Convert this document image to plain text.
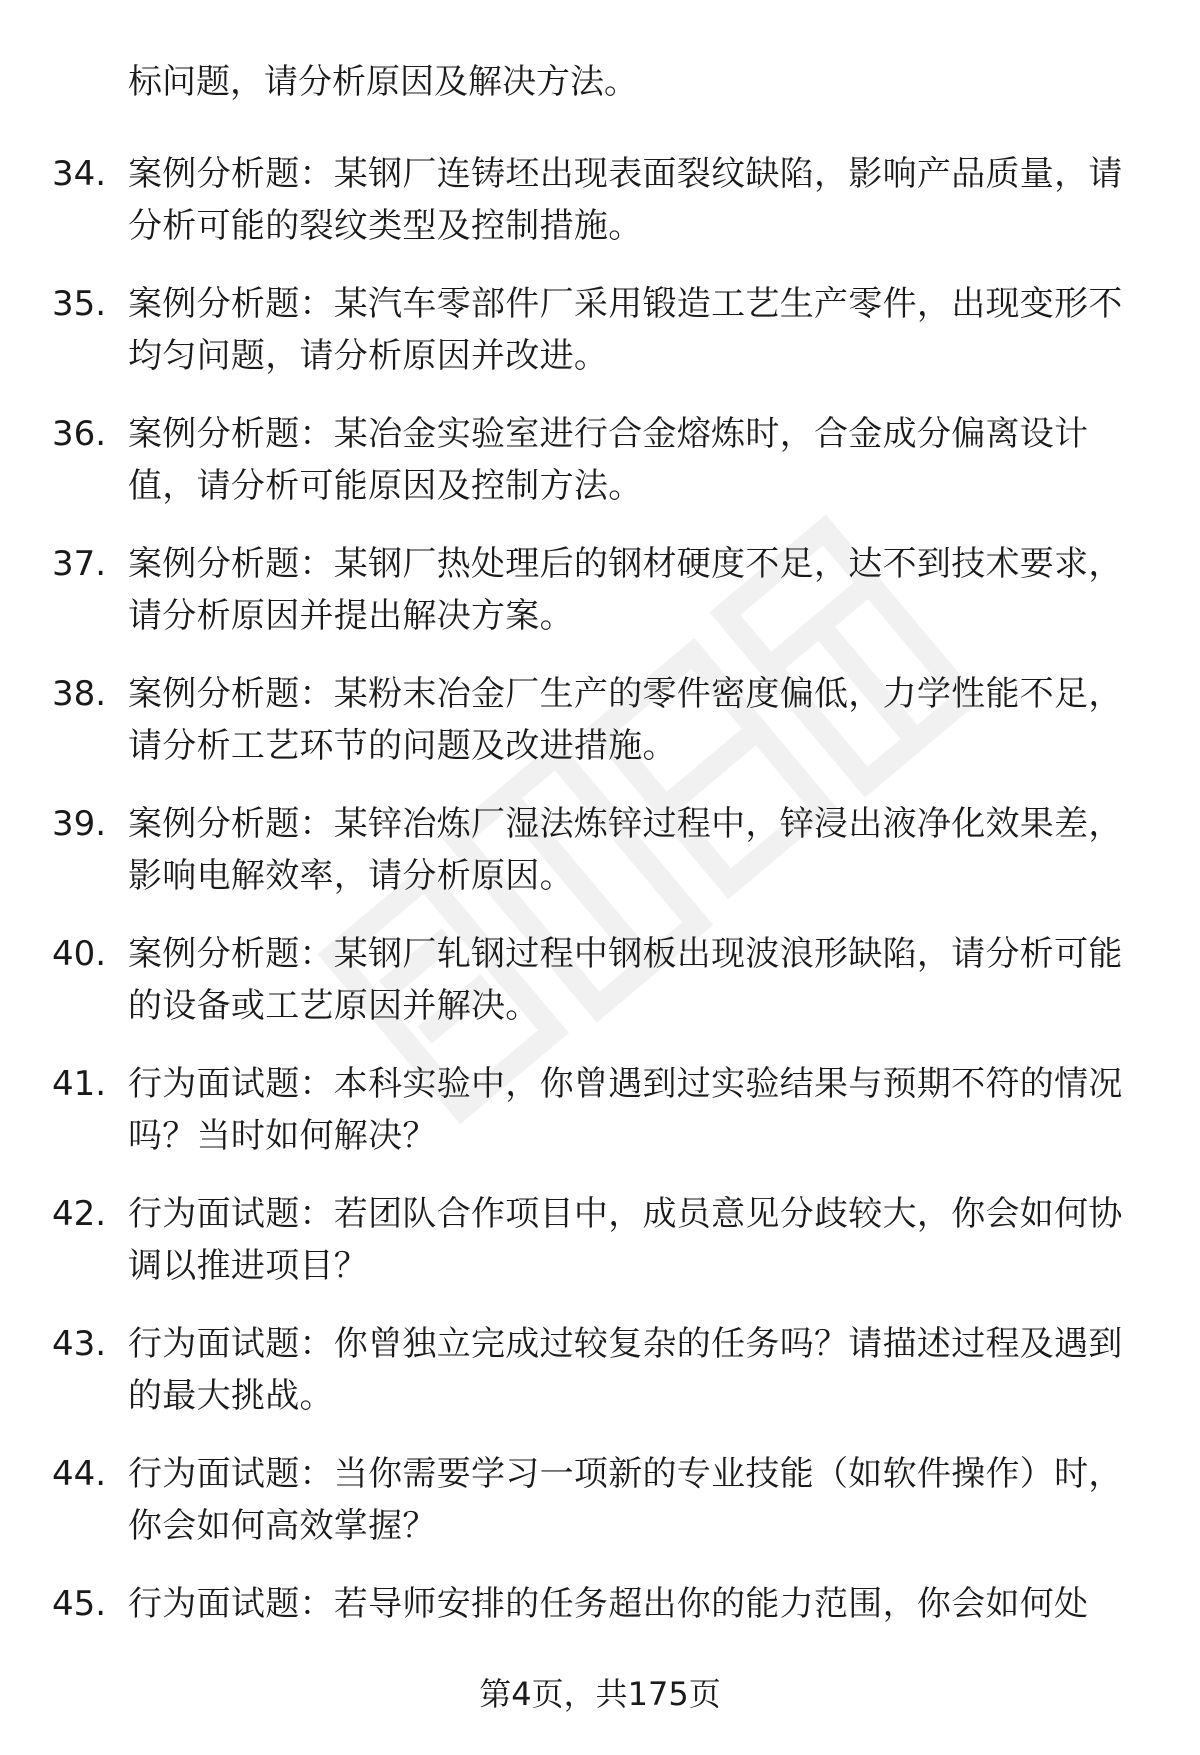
标问题，请分析原因及解决方法。

34. 案例分析题：某钢厂连铸坯出现表面裂纹缺陷，影响产品质量，请分析可能的裂纹类型及控制措施。
35. 案例分析题：某汽车零部件厂采用锻造工艺生产零件，出现变形不均匀问题，请分析原因并改进。
36. 案例分析题：某冶金实验室进行合金熔炼时，合金成分偏离设计值，请分析可能原因及控制方法。
37. 案例分析题：某钢厂热处理后的钢材硬度不足，达不到技术要求，请分析原因并提出解决方案。
38. 案例分析题：某粉末冶金厂生产的零件密度偏低，力学性能不足，请分析工艺环节的问题及改进措施。
39. 案例分析题：某锌冶炼厂湿法炼锌过程中，锌浸出液净化效果差，影响电解效率，请分析原因。
40. 案例分析题：某钢厂轧钢过程中钢板出现波浪形缺陷，请分析可能的设备或工艺原因并解决。
41. 行为面试题：本科实验中，你曾遇到过实验结果与预期不符的情况吗？当时如何解决？
42. 行为面试题：若团队合作项目中，成员意见分歧较大，你会如何协调以推进项目？
43. 行为面试题：你曾独立完成过较复杂的任务吗？请描述过程及遇到的最大挑战。
44. 行为面试题：当你需要学习一项新的专业技能（如软件操作）时，你会如何高效掌握？
45. 行为面试题：若导师安排的任务超出你的能力范围，你会如何处
第4页，共175页
